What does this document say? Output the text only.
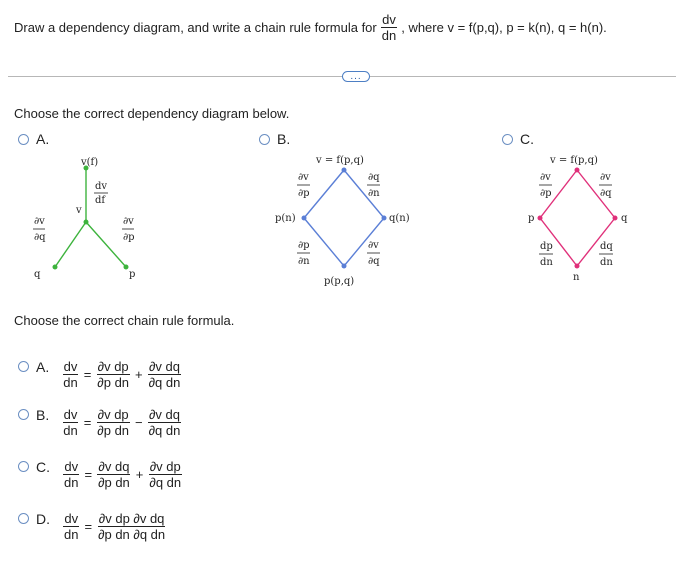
Draw a dependency diagram, and write a chain rule formula for $\frac{dv}{dn}$ , where v = f(p,q), p = k(n), q = h(n).
...
Choose the correct dependency diagram below.
A.
v(f)
v
dv
df
∂v
∂q
∂v
∂p
q	p
B.
v = f(p,q)
p(n)	q(n)
p(p,q)
∂v
∂p
∂q
∂n
∂p
∂n
∂v
∂q
C.
v = f(p,q)
p	q
n
∂v
∂p
∂v
∂q
dp
dn
dq
dn
Choose the correct chain rule formula.
A. $\frac{dv}{dn} = \frac{\text{∂v dp}}{\text{∂p dn}} + \frac{\text{∂v dq}}{\text{∂q dn}}$
B. $\frac{dv}{dn} = \frac{\text{∂v dp}}{\text{∂p dn}} - \frac{\text{∂v dq}}{\text{∂q dn}}$
C. $\frac{dv}{dn} = \frac{\text{∂v dq}}{\text{∂p dn}} + \frac{\text{∂v dp}}{\text{∂q dn}}$
D. $\frac{dv}{dn} = \frac{\text{∂v dp ∂v dq}}{\text{∂p dn ∂q dn}}$
